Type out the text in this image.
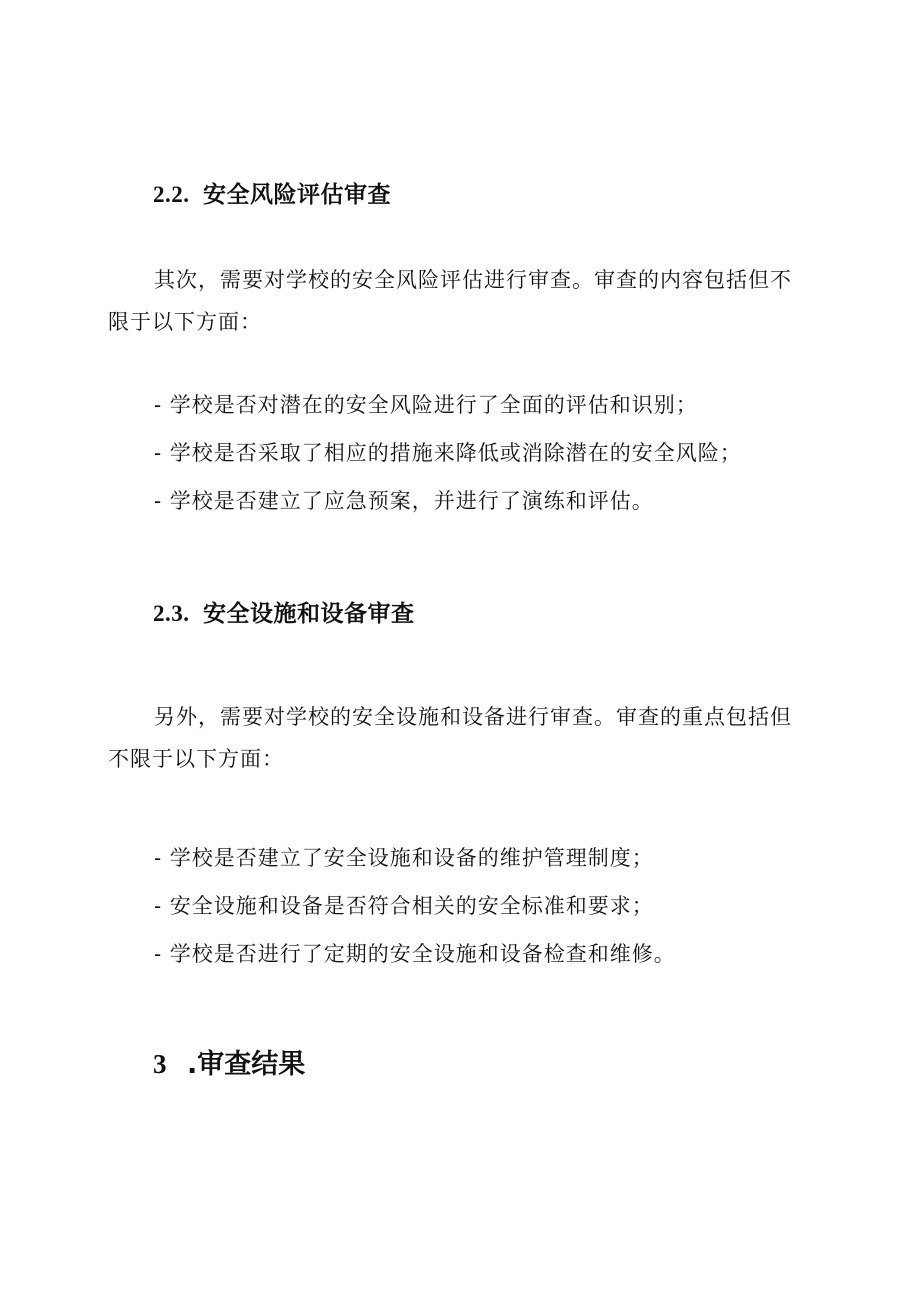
2.2. 安全风险评估审查

其次，需要对学校的安全风险评估进行审查。审查的内容包括但不限于以下方面：

- 学校是否对潜在的安全风险进行了全面的评估和识别；

- 学校是否采取了相应的措施来降低或消除潜在的安全风险；

- 学校是否建立了应急预案，并进行了演练和评估。

2.3. 安全设施和设备审查

另外，需要对学校的安全设施和设备进行审查。审查的重点包括但不限于以下方面：

- 学校是否建立了安全设施和设备的维护管理制度；

- 安全设施和设备是否符合相关的安全标准和要求；

- 学校是否进行了定期的安全设施和设备检查和维修。

3 .审查结果
